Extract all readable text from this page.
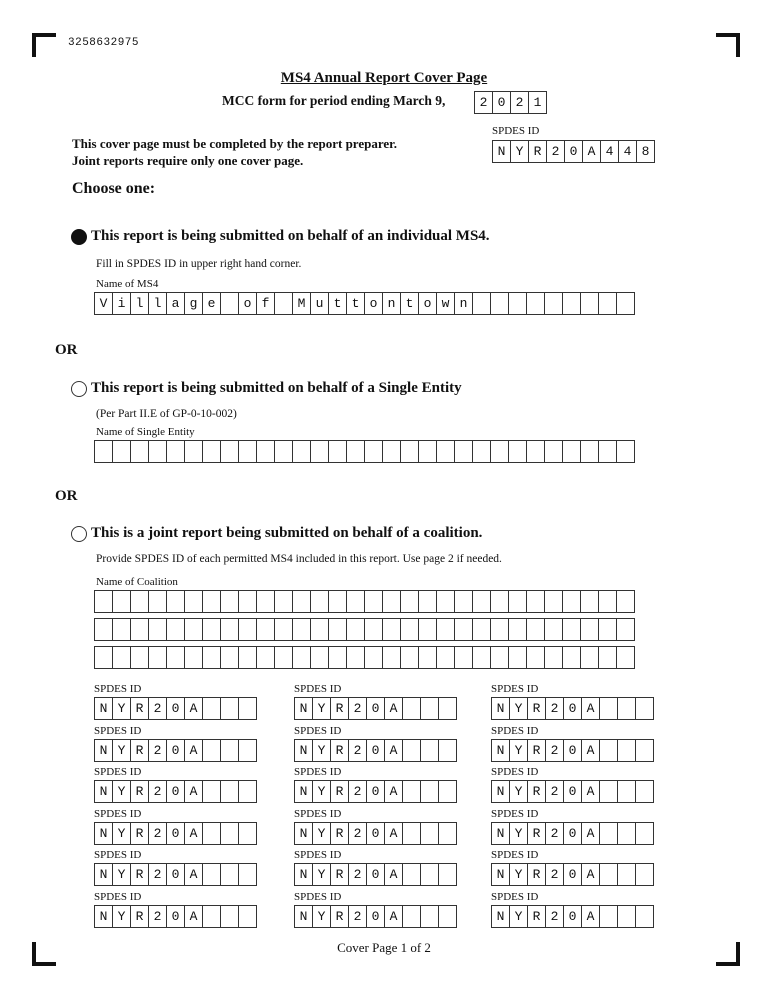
3258632975
MS4 Annual Report Cover Page
MCC form for period ending March 9,	2 0 2 1
This cover page must be completed by the report preparer.
Joint reports require only one cover page.
SPDES ID
N Y R 2 0 A 4 4 8
Choose one:
This report is being submitted on behalf of an individual MS4.
Fill in SPDES ID in upper right hand corner.
Name of MS4
V i l l a g e	o f	M u t t o n t o w n
OR
This report is being submitted on behalf of a Single Entity
(Per Part II.E of GP-0-10-002)
Name of Single Entity
OR
This is a joint report being submitted on behalf of a coalition.
Provide SPDES ID of each permitted MS4 included in this report. Use page 2 if needed.
Name of Coalition
SPDES ID
N Y R 2 0 A
SPDES ID
N Y R 2 0 A
SPDES ID
N Y R 2 0 A
SPDES ID
N Y R 2 0 A
SPDES ID
N Y R 2 0 A
SPDES ID
N Y R 2 0 A
SPDES ID
N Y R 2 0 A
SPDES ID
N Y R 2 0 A
SPDES ID
N Y R 2 0 A
SPDES ID
N Y R 2 0 A
SPDES ID
N Y R 2 0 A
SPDES ID
N Y R 2 0 A
SPDES ID
N Y R 2 0 A
SPDES ID
N Y R 2 0 A
SPDES ID
N Y R 2 0 A
SPDES ID
N Y R 2 0 A
SPDES ID
N Y R 2 0 A
SPDES ID
N Y R 2 0 A
Cover Page 1 of 2
